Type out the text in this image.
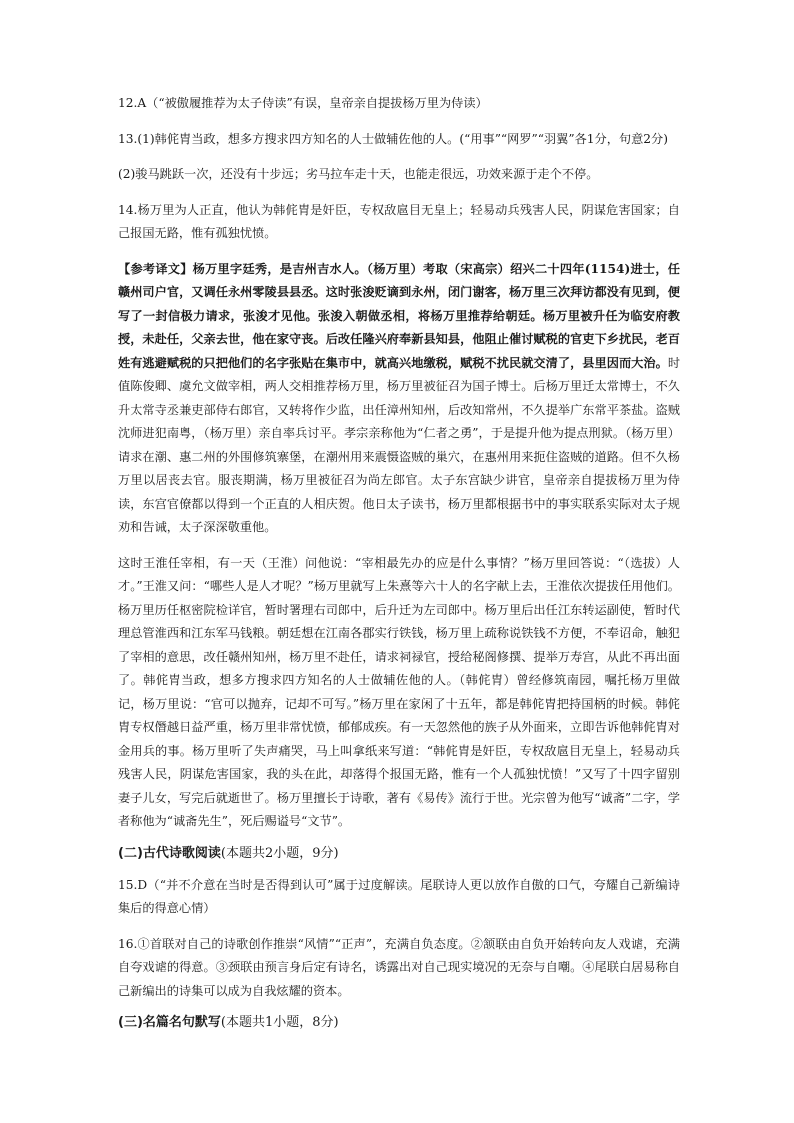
12.A（“被傲履推荐为太子侍读”有误，皇帝亲自提拔杨万里为侍读）

13.(1)韩侂胄当政，想多方搜求四方知名的人士做辅佐他的人。(“用事”“网罗”“羽翼”各1分，句意2分)

(2)骏马跳跃一次，还没有十步远；劣马拉车走十天，也能走很远，功效来源于走个不停。

14.杨万里为人正直，他认为韩侂胄是奸臣，专权敌扈目无皇上；轻易动兵残害人民，阴谋危害国家；自己报国无路，惟有孤独忧愤。

【参考译文】杨万里字廷秀，是吉州吉水人。（杨万里）考取（宋高宗）绍兴二十四年(1154)进士，任赣州司户官，又调任永州零陵县县丞。这时张浚贬谪到永州，闭门谢客，杨万里三次拜访都没有见到，便写了一封信极力请求，张浚才见他。张浚入朝做丞相，将杨万里推荐给朝廷。杨万里被升任为临安府教授，未赴任，父亲去世，他在家守丧。后改任隆兴府奉新县知县，他阻止催讨赋税的官吏下乡扰民，老百姓有逃避赋税的只把他们的名字张贴在集市中，就高兴地缴税，赋税不扰民就交清了，县里因而大治。时值陈俊卿、虞允文做宰相，两人交相推荐杨万里，杨万里被征召为国子博士。后杨万里迁太常博士，不久升太常寺丞兼吏部侍右郎官，又转将作少监，出任漳州知州，后改知常州，不久提举广东常平茶盐。盗贼沈师进犯南粤，（杨万里）亲自率兵讨平。孝宗亲称他为“仁者之勇”，于是提升他为提点刑狱。（杨万里）请求在潮、惠二州的外围修筑寨堡，在潮州用来震慑盗贼的巢穴，在惠州用来扼住盗贼的道路。但不久杨万里以居丧去官。服丧期满，杨万里被征召为尚左郎官。太子东宫缺少讲官，皇帝亲自提拔杨万里为侍读，东宫官僚都以得到一个正直的人相庆贺。他日太子读书，杨万里都根据书中的事实联系实际对太子规劝和告诫，太子深深敬重他。

这时王淮任宰相，有一天（王淮）问他说：“宰相最先办的应是什么事情？”杨万里回答说：“（选拔）人才。”王淮又问：“哪些人是人才呢？”杨万里就写上朱熹等六十人的名字献上去，王淮依次提拔任用他们。杨万里历任枢密院检详官，暂时署理右司郎中，后升迁为左司郎中。杨万里后出任江东转运副使，暂时代理总管淮西和江东军马钱粮。朝廷想在江南各郡实行铁钱，杨万里上疏称说铁钱不方便，不奉诏命，触犯了宰相的意思，改任赣州知州，杨万里不赴任，请求祠禄官，授给秘阁修撰、提举万寿宫，从此不再出面了。韩侂胄当政，想多方搜求四方知名的人士做辅佐他的人。（韩侂胄）曾经修筑南园，嘱托杨万里做记，杨万里说：“官可以抛弃，记却不可写。”杨万里在家闲了十五年，都是韩侂胄把持国柄的时候。韩侂胄专权僭越日益严重，杨万里非常忧愤，郁郁成疾。有一天忽然他的族子从外面来，立即告诉他韩侂胄对金用兵的事。杨万里听了失声痛哭，马上叫拿纸来写道：“韩侂胄是奸臣，专权敌扈目无皇上，轻易动兵残害人民，阴谋危害国家，我的头在此，却落得个报国无路，惟有一个人孤独忧愤！”又写了十四字留别妻子儿女，写完后就逝世了。杨万里擅长于诗歌，著有《易传》流行于世。光宗曾为他写“诚斋”二字，学者称他为“诚斋先生”，死后赐谥号“文节”。

(二)古代诗歌阅读(本题共2小题，9分)

15.D（“并不介意在当时是否得到认可”属于过度解读。尾联诗人更以放作自傲的口气，夸耀自己新编诗集后的得意心情）

16.①首联对自己的诗歌创作推崇“风情”“正声”，充满自负态度。②颔联由自负开始转向友人戏谑，充满自夸戏谑的得意。③颈联由预言身后定有诗名，诱露出对自己现实境况的无奈与自嘲。④尾联白居易称自己新编出的诗集可以成为自我炫耀的资本。

(三)名篇名句默写(本题共1小题，8分)
